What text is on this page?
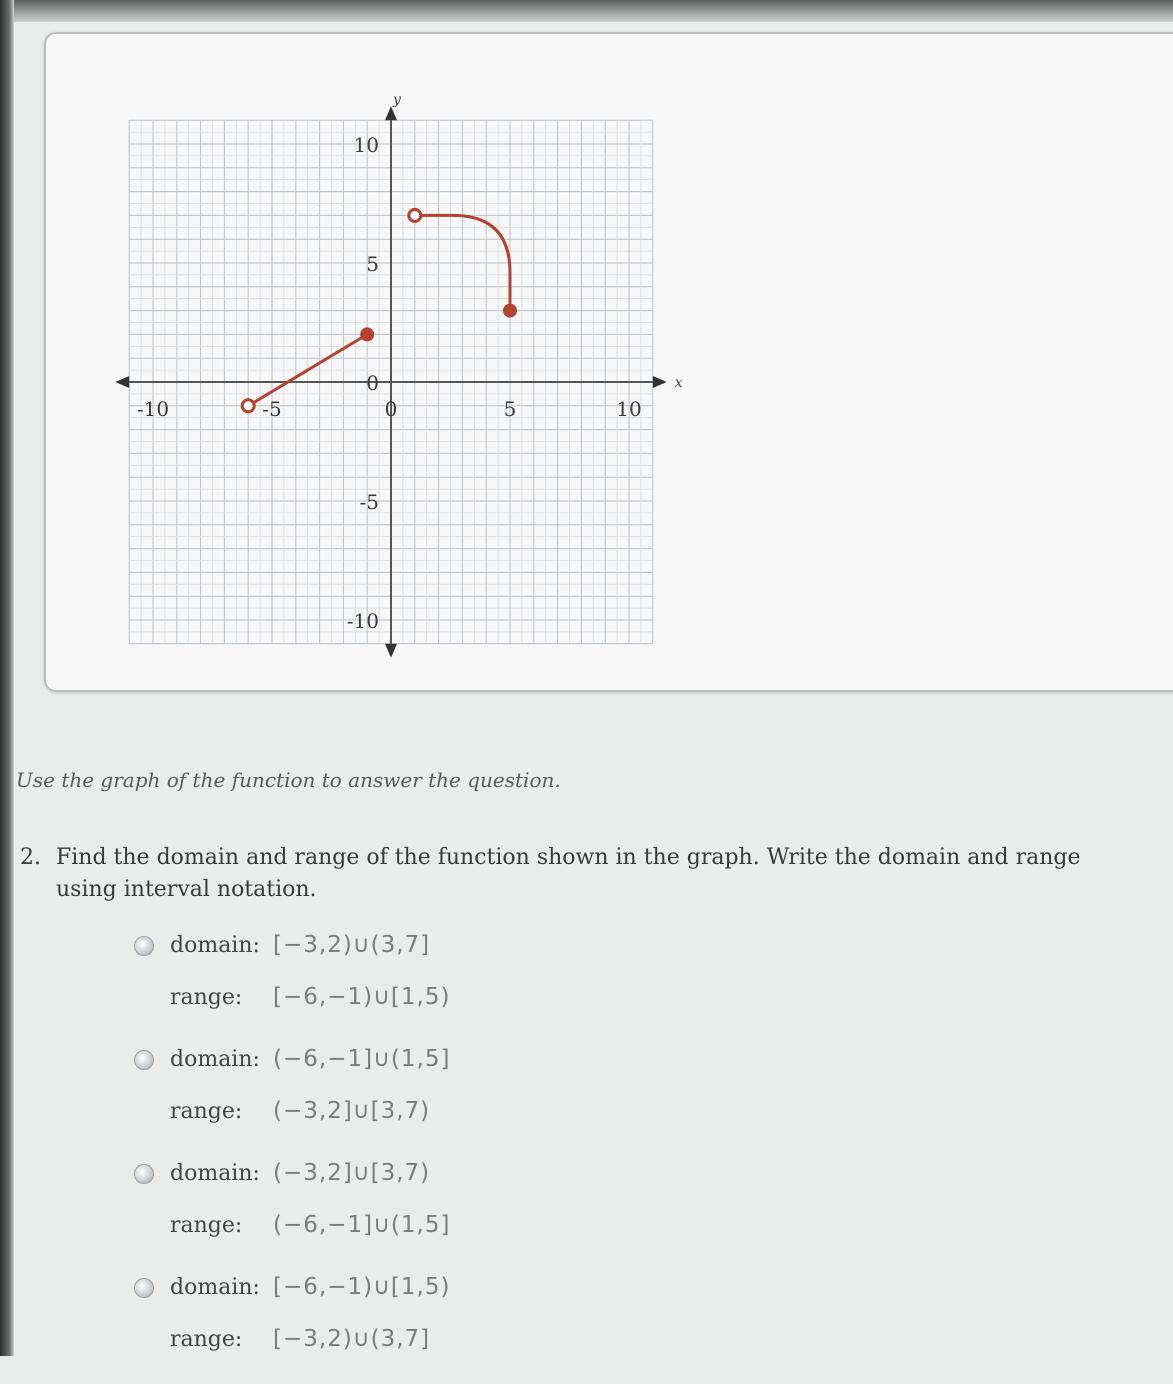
x
y
-10	-5	0	5	10
10
5
0
-5
-10
Use the graph of the function to answer the question.
2. Find the domain and range of the function shown in the graph. Write the domain and range
using interval notation.
domain: [−3,2)∪(3,7]
range: [−6,−1)∪[1,5)
domain: (−6,−1]∪(1,5]
range: (−3,2]∪[3,7)
domain: (−3,2]∪[3,7)
range: (−6,−1]∪(1,5]
domain: [−6,−1)∪[1,5)
range: [−3,2)∪(3,7]
